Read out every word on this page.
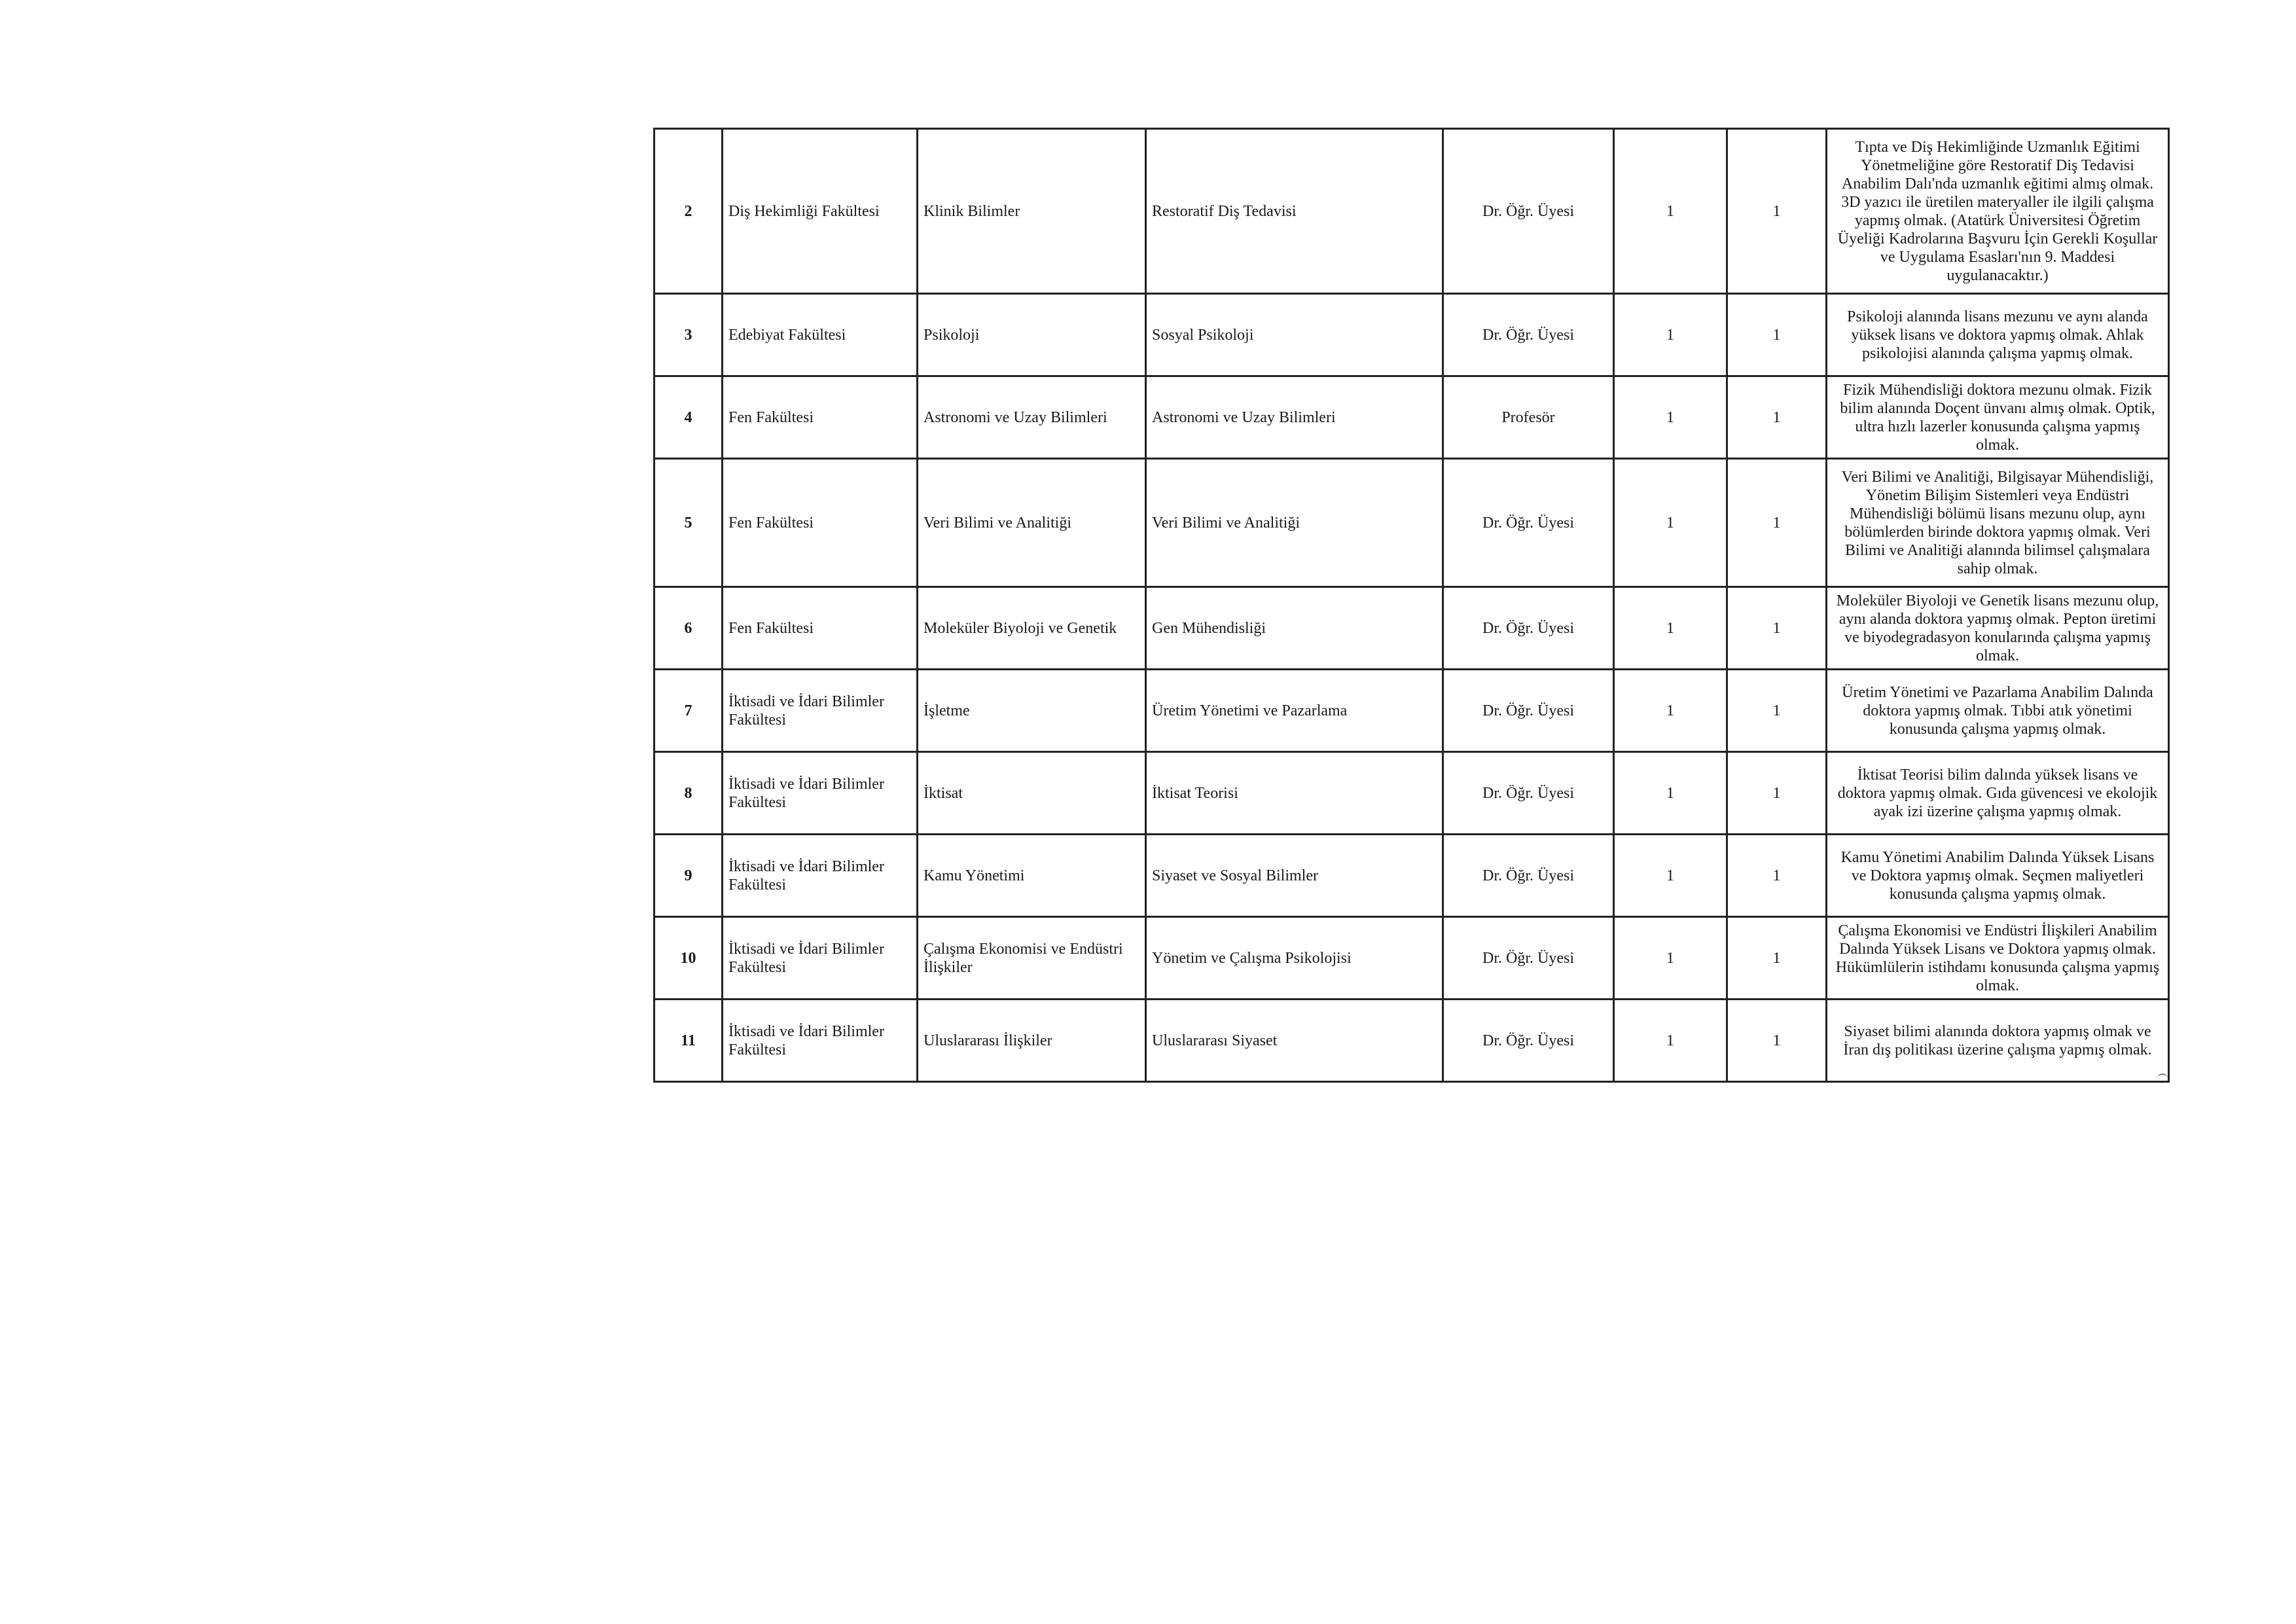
2	Diş Hekimliği Fakültesi	Klinik Bilimler	Restoratif Diş Tedavisi	Dr. Öğr. Üyesi	1	1	Tıpta ve Diş Hekimliğinde Uzmanlık Eğitimi Yönetmeliğine göre Restoratif Diş Tedavisi Anabilim Dalı'nda uzmanlık eğitimi almış olmak. 3D yazıcı ile üretilen materyaller ile ilgili çalışma yapmış olmak. (Atatürk Üniversitesi Öğretim Üyeliği Kadrolarına Başvuru İçin Gerekli Koşullar ve Uygulama Esasları'nın 9. Maddesi uygulanacaktır.)
3	Edebiyat Fakültesi	Psikoloji	Sosyal Psikoloji	Dr. Öğr. Üyesi	1	1	Psikoloji alanında lisans mezunu ve aynı alanda yüksek lisans ve doktora yapmış olmak. Ahlak psikolojisi alanında çalışma yapmış olmak.
4	Fen Fakültesi	Astronomi ve Uzay Bilimleri	Astronomi ve Uzay Bilimleri	Profesör	1	1	Fizik Mühendisliği doktora mezunu olmak. Fizik bilim alanında Doçent ünvanı almış olmak. Optik, ultra hızlı lazerler konusunda çalışma yapmış olmak.
5	Fen Fakültesi	Veri Bilimi ve Analitiği	Veri Bilimi ve Analitiği	Dr. Öğr. Üyesi	1	1	Veri Bilimi ve Analitiği, Bilgisayar Mühendisliği, Yönetim Bilişim Sistemleri veya Endüstri Mühendisliği bölümü lisans mezunu olup, aynı bölümlerden birinde doktora yapmış olmak. Veri Bilimi ve Analitiği alanında bilimsel çalışmalara sahip olmak.
6	Fen Fakültesi	Moleküler Biyoloji ve Genetik	Gen Mühendisliği	Dr. Öğr. Üyesi	1	1	Moleküler Biyoloji ve Genetik lisans mezunu olup, aynı alanda doktora yapmış olmak. Pepton üretimi ve biyodegradasyon konularında çalışma yapmış olmak.
7	İktisadi ve İdari Bilimler Fakültesi	İşletme	Üretim Yönetimi ve Pazarlama	Dr. Öğr. Üyesi	1	1	Üretim Yönetimi ve Pazarlama Anabilim Dalında doktora yapmış olmak. Tıbbi atık yönetimi konusunda çalışma yapmış olmak.
8	İktisadi ve İdari Bilimler Fakültesi	İktisat	İktisat Teorisi	Dr. Öğr. Üyesi	1	1	İktisat Teorisi bilim dalında yüksek lisans ve doktora yapmış olmak. Gıda güvencesi ve ekolojik ayak izi üzerine çalışma yapmış olmak.
9	İktisadi ve İdari Bilimler Fakültesi	Kamu Yönetimi	Siyaset ve Sosyal Bilimler	Dr. Öğr. Üyesi	1	1	Kamu Yönetimi Anabilim Dalında Yüksek Lisans ve Doktora yapmış olmak. Seçmen maliyetleri konusunda çalışma yapmış olmak.
10	İktisadi ve İdari Bilimler Fakültesi	Çalışma Ekonomisi ve Endüstri İlişkiler	Yönetim ve Çalışma Psikolojisi	Dr. Öğr. Üyesi	1	1	Çalışma Ekonomisi ve Endüstri İlişkileri Anabilim Dalında Yüksek Lisans ve Doktora yapmış olmak. Hükümlülerin istihdamı konusunda çalışma yapmış olmak.
11	İktisadi ve İdari Bilimler Fakültesi	Uluslararası İlişkiler	Uluslararası Siyaset	Dr. Öğr. Üyesi	1	1	Siyaset bilimi alanında doktora yapmış olmak ve İran dış politikası üzerine çalışma yapmış olmak.
